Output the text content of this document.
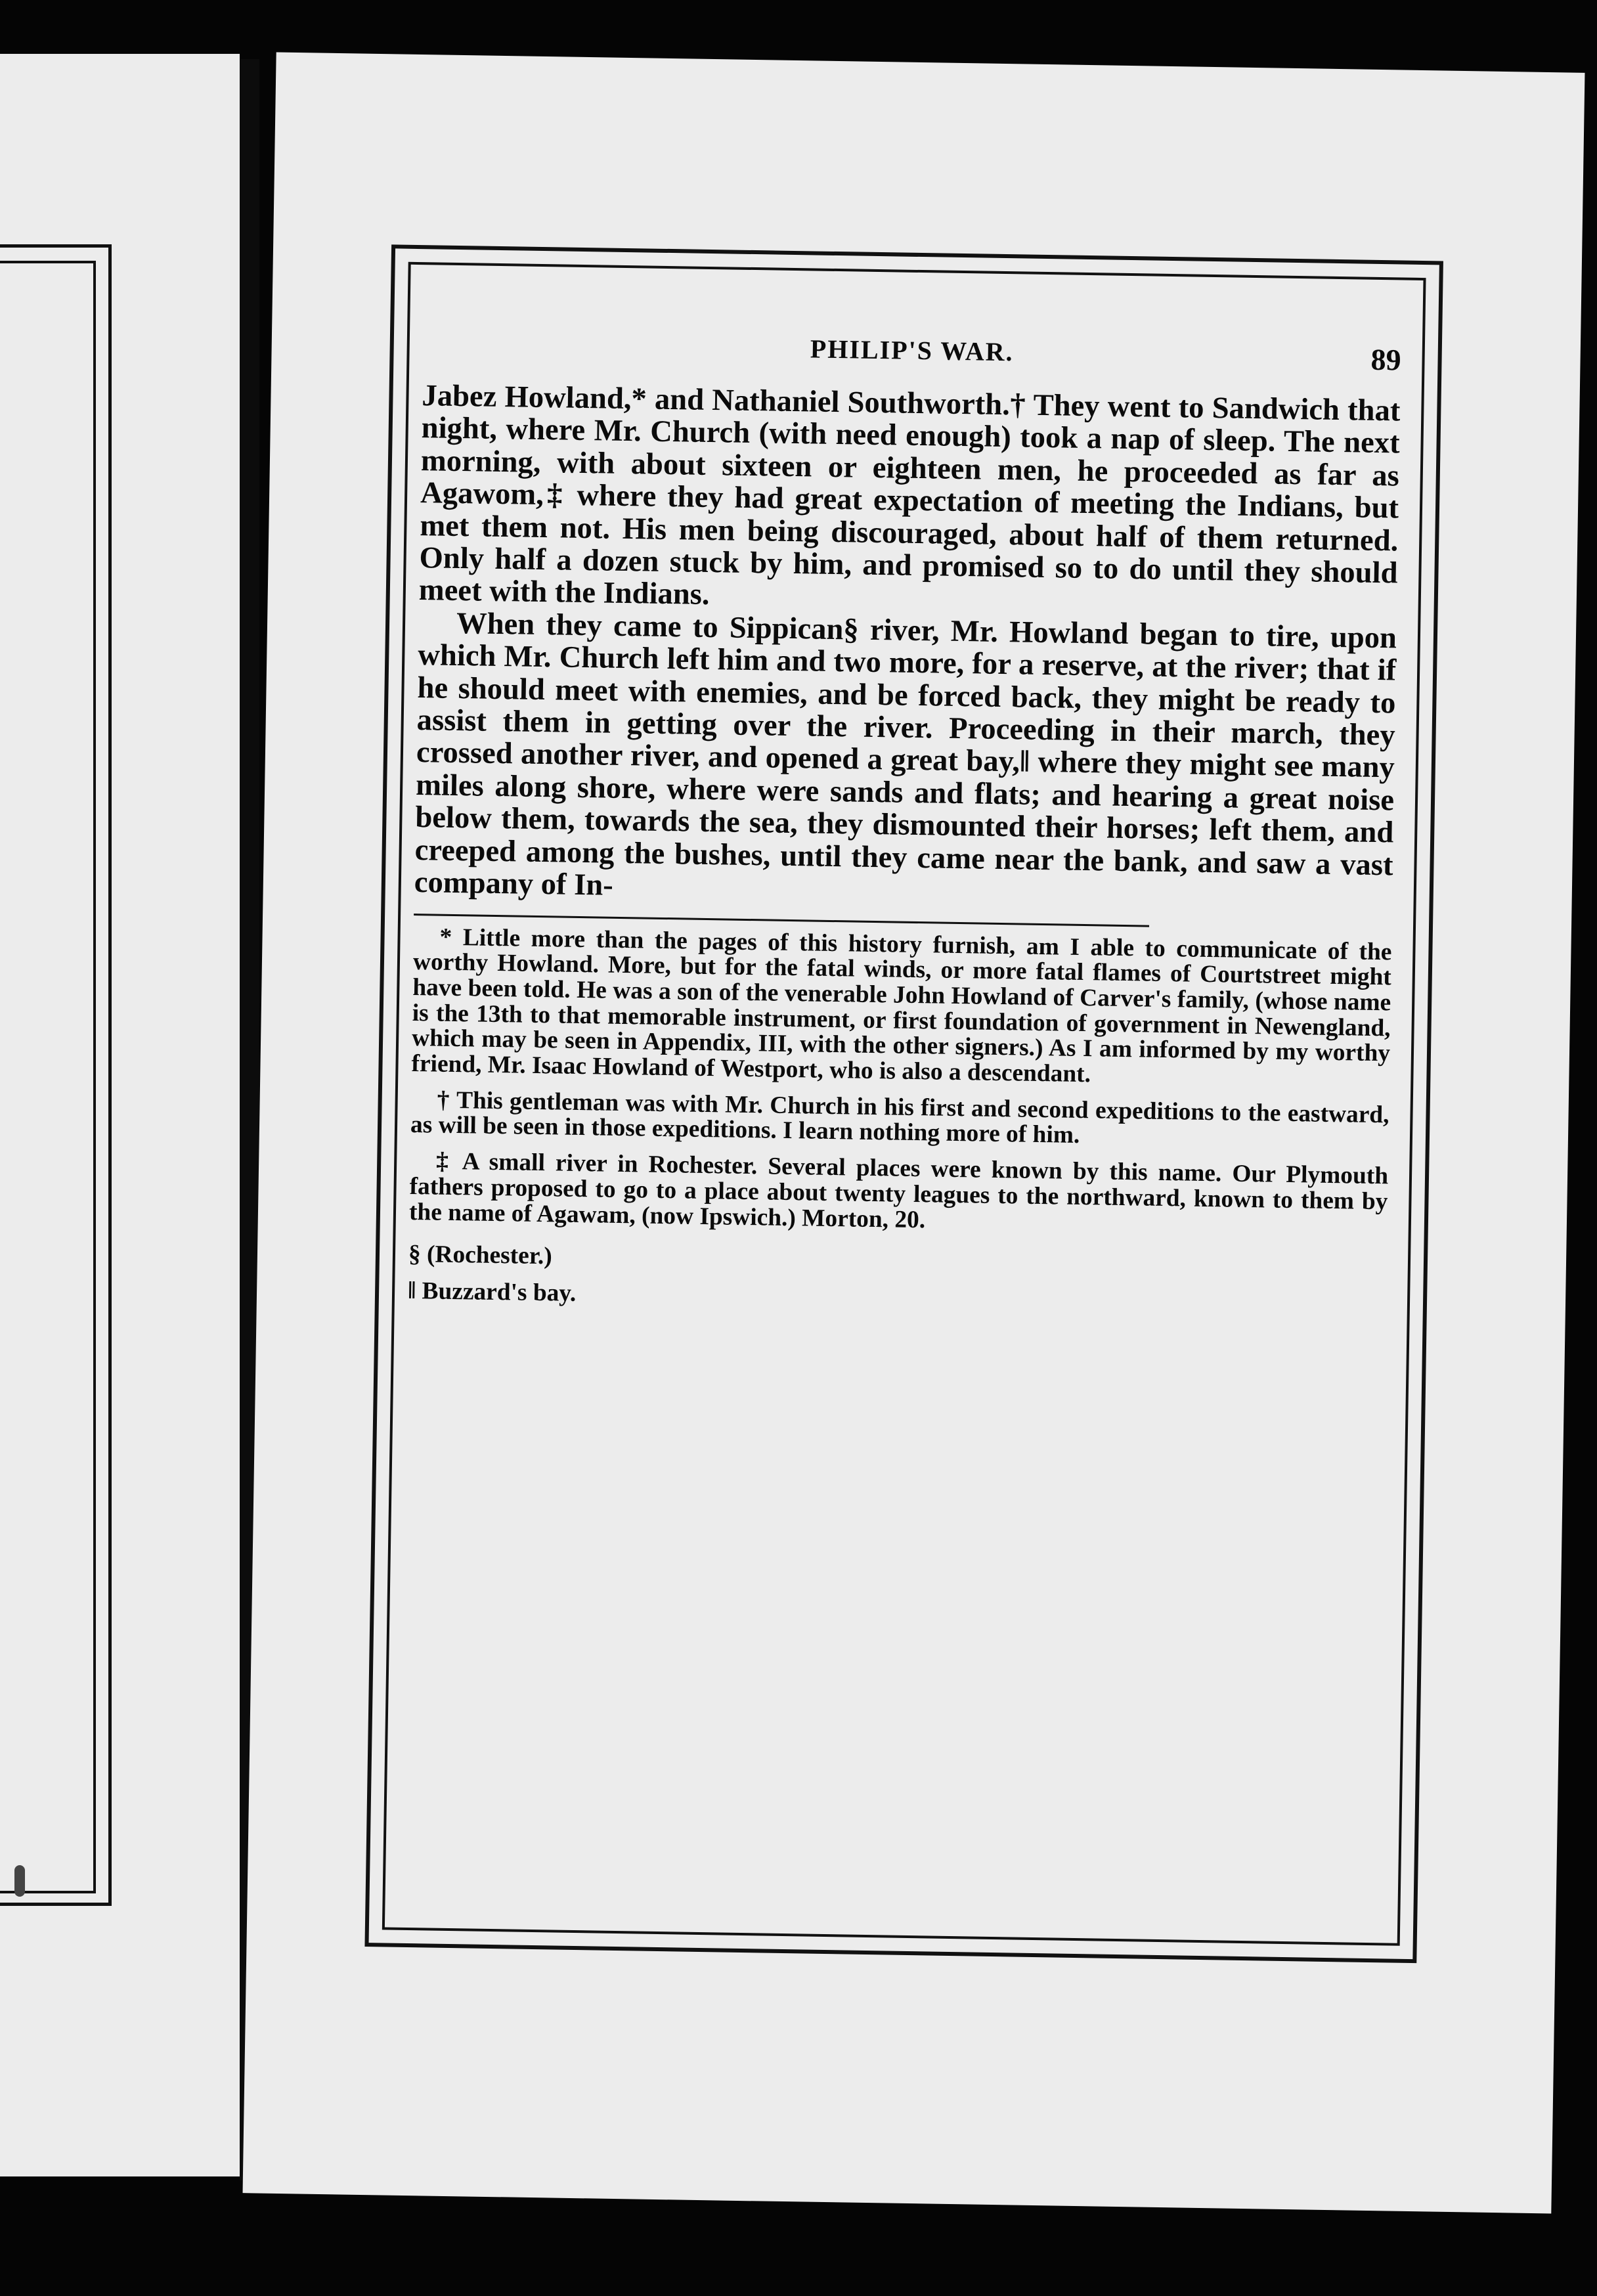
PHILIP'S WAR.	89

Jabez Howland,* and Nathaniel Southworth.† They went to Sandwich that night, where Mr. Church (with need enough) took a nap of sleep. The next morning, with about sixteen or eighteen men, he proceeded as far as Agawom,‡ where they had great expectation of meeting the Indians, but met them not. His men being discouraged, about half of them returned. Only half a dozen stuck by him, and promised so to do until they should meet with the Indians.

When they came to Sippican§ river, Mr. Howland began to tire, upon which Mr. Church left him and two more, for a reserve, at the river; that if he should meet with enemies, and be forced back, they might be ready to assist them in getting over the river. Proceeding in their march, they crossed another river, and opened a great bay,‖ where they might see many miles along shore, where were sands and flats; and hearing a great noise below them, towards the sea, they dismounted their horses; left them, and creeped among the bushes, until they came near the bank, and saw a vast company of In-

* Little more than the pages of this history furnish, am I able to communicate of the worthy Howland. More, but for the fatal winds, or more fatal flames of Courtstreet might have been told. He was a son of the venerable John Howland of Carver's family, (whose name is the 13th to that memorable instrument, or first foundation of government in Newengland, which may be seen in Appendix, III, with the other signers.) As I am informed by my worthy friend, Mr. Isaac Howland of Westport, who is also a descendant.

† This gentleman was with Mr. Church in his first and second expeditions to the eastward, as will be seen in those expeditions. I learn nothing more of him.

‡ A small river in Rochester. Several places were known by this name. Our Plymouth fathers proposed to go to a place about twenty leagues to the northward, known to them by the name of Agawam, (now Ipswich.) Morton, 20.

§ (Rochester.)

‖ Buzzard's bay.
